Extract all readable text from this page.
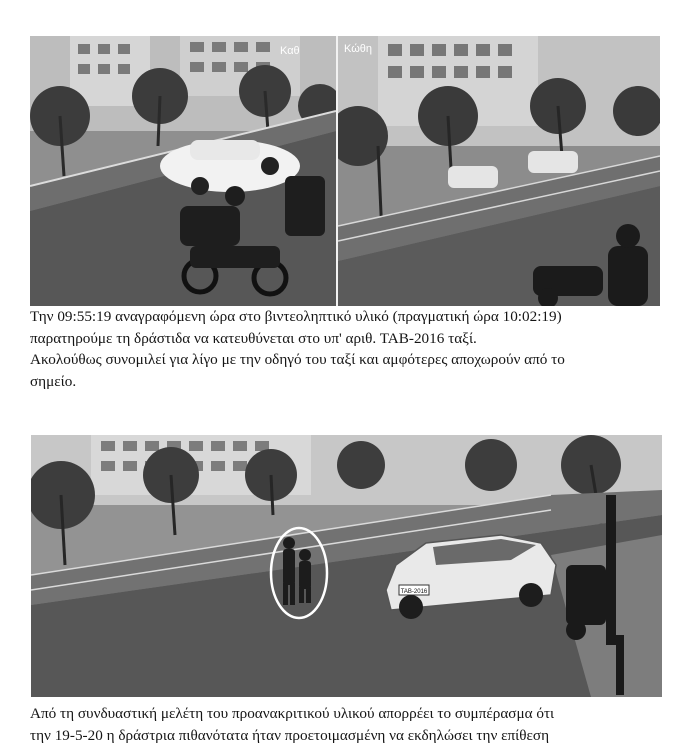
Καθ	Κώθη
Την 09:55:19 αναγραφόμενη ώρα στο βιντεοληπτικό υλικό (πραγματική ώρα 10:02:19)
παρατηρούμε τη δράστιδα να κατευθύνεται στο υπ' αριθ. ΤΑΒ-2016 ταξί.
Ακολούθως συνομιλεί για λίγο με την οδηγό του ταξί και αμφότερες αποχωρούν από το
σημείο.
ΤΑΒ-2016
Από τη συνδυαστική μελέτη του προανακριτικού υλικού απορρέει το συμπέρασμα ότι
την 19-5-20 η δράστρια πιθανότατα ήταν προετοιμασμένη να εκδηλώσει την επίθεση
